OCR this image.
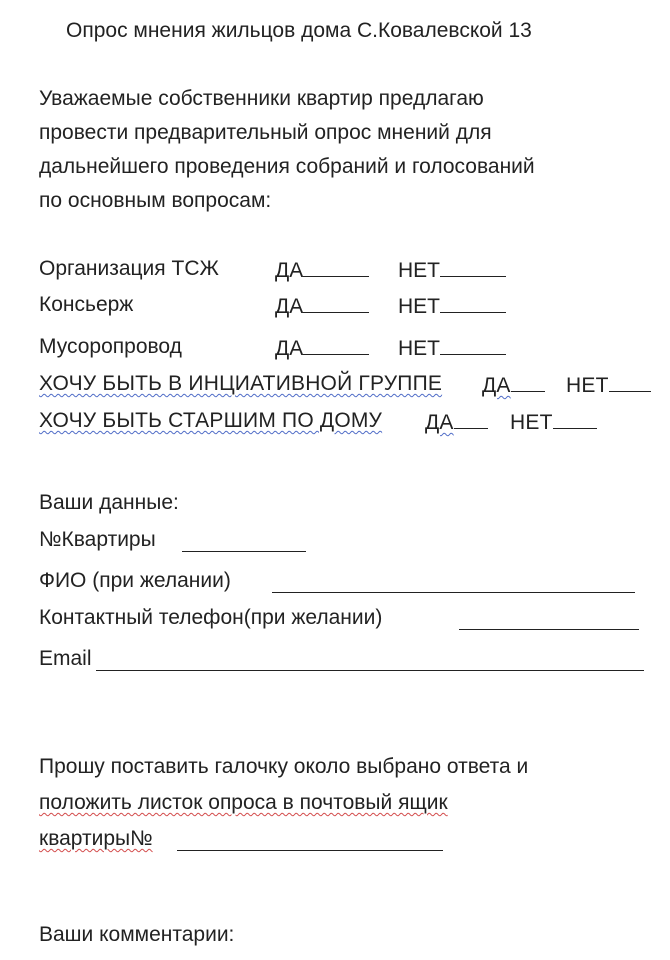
Опрос мнения жильцов дома С.Ковалевской 13
Уважаемые собственники квартир предлагаю
провести предварительный опрос мнений для
дальнейшего проведения собраний и голосований
по основным вопросам:
Организация ТСЖ	ДА	НЕТ
Консьерж	ДА	НЕТ
Мусоропровод	ДА	НЕТ
ХОЧУ БЫТЬ В ИНЦИАТИВНОЙ ГРУППЕ ДА	НЕТ
ХОЧУ БЫТЬ СТАРШИМ ПО ДОМУ ДА	НЕТ
Ваши данные:
№Квартиры
ФИО (при желании)
Контактный телефон(при желании)
Email
Прошу поставить галочку около выбрано ответа и
положить листок опроса в почтовый ящик
квартиры№
Ваши комментарии:
